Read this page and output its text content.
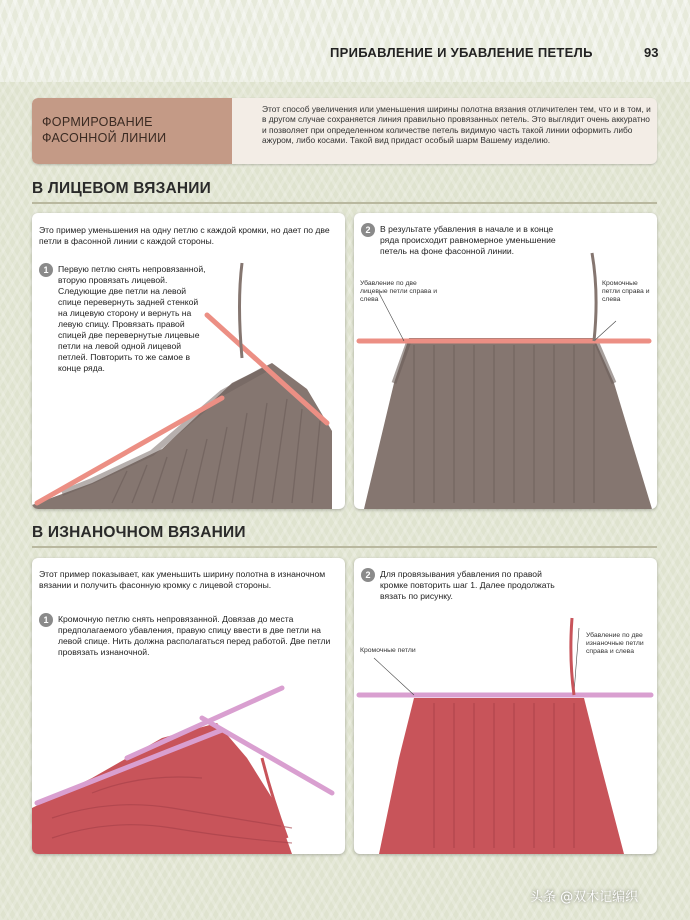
ПРИБАВЛЕНИЕ И УБАВЛЕНИЕ ПЕТЕЛЬ	93
ФОРМИРОВАНИЕ
ФАСОННОЙ ЛИНИИ
Этот способ увеличения или уменьшения ширины полотна вязания отличителен тем, что и в том, и в другом случае сохраняется линия правильно провязанных петель. Это выглядит очень аккуратно и позволяет при определенном количестве петель видимую часть такой линии оформить либо ажуром, либо косами. Такой вид придаст особый шарм Вашему изделию.
В ЛИЦЕВОМ ВЯЗАНИИ
Это пример уменьшения на одну петлю с каждой кромки, но дает по две петли в фасонной линии с каждой стороны.
1	Первую петлю снять непровязанной, вторую провязать лицевой. Следующие две петли на левой спице перевернуть задней стенкой на лицевую сторону и вернуть на левую спицу. Провязать правой спицей две перевернутые лицевые петли на левой одной лицевой петлей. Повторить то же самое в конце ряда.
2	В результате убавления в начале и в конце ряда происходит равномерное уменьшение петель на фоне фасонной линии.
Убавление по две лицевые петли справа и слева
Кромочные петли справа и слева
В ИЗНАНОЧНОМ ВЯЗАНИИ
Этот пример показывает, как уменьшить ширину полотна в изнаночном вязании и получить фасонную кромку с лицевой стороны.
1	Кромочную петлю снять непровязанной. Довязав до места предполагаемого убавления, правую спицу ввести в две петли на левой спице. Нить должна располагаться перед работой. Две петли провязать изнаночной.
2	Для провязывания убавления по правой кромке повторить шаг 1. Далее продолжать вязать по рисунку.
Кромочные петли
Убавление по две изнаночные петли справа и слева
头条 @双木记编织
